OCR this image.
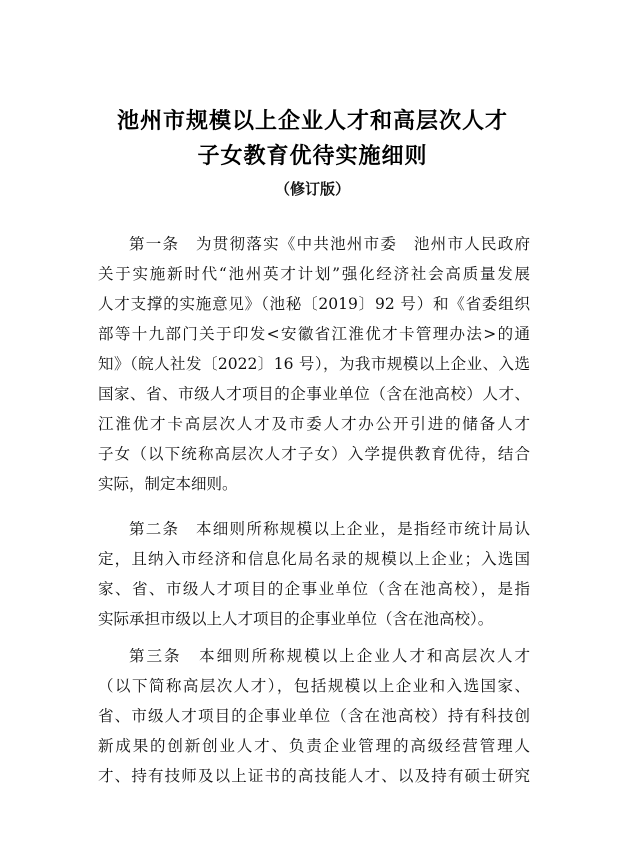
池州市规模以上企业人才和高层次人才
子女教育优待实施细则
（修订版）
第一条　为贯彻落实《中共池州市委　池州市人民政府
关于实施新时代“池州英才计划”强化经济社会高质量发展
人才支撑的实施意见》（池秘〔2019〕92 号）和《省委组织
部等十九部门关于印发<安徽省江淮优才卡管理办法>的通
知》（皖人社发〔2022〕16 号），为我市规模以上企业、入选
国家、省、市级人才项目的企事业单位（含在池高校）人才、
江淮优才卡高层次人才及市委人才办公开引进的储备人才
子女（以下统称高层次人才子女）入学提供教育优待，结合
实际，制定本细则。
第二条　本细则所称规模以上企业，是指经市统计局认
定，且纳入市经济和信息化局名录的规模以上企业；入选国
家、省、市级人才项目的企事业单位（含在池高校），是指
实际承担市级以上人才项目的企事业单位（含在池高校）。
第三条　本细则所称规模以上企业人才和高层次人才
（以下简称高层次人才），包括规模以上企业和入选国家、
省、市级人才项目的企事业单位（含在池高校）持有科技创
新成果的创新创业人才、负责企业管理的高级经营管理人
才、持有技师及以上证书的高技能人才、以及持有硕士研究
